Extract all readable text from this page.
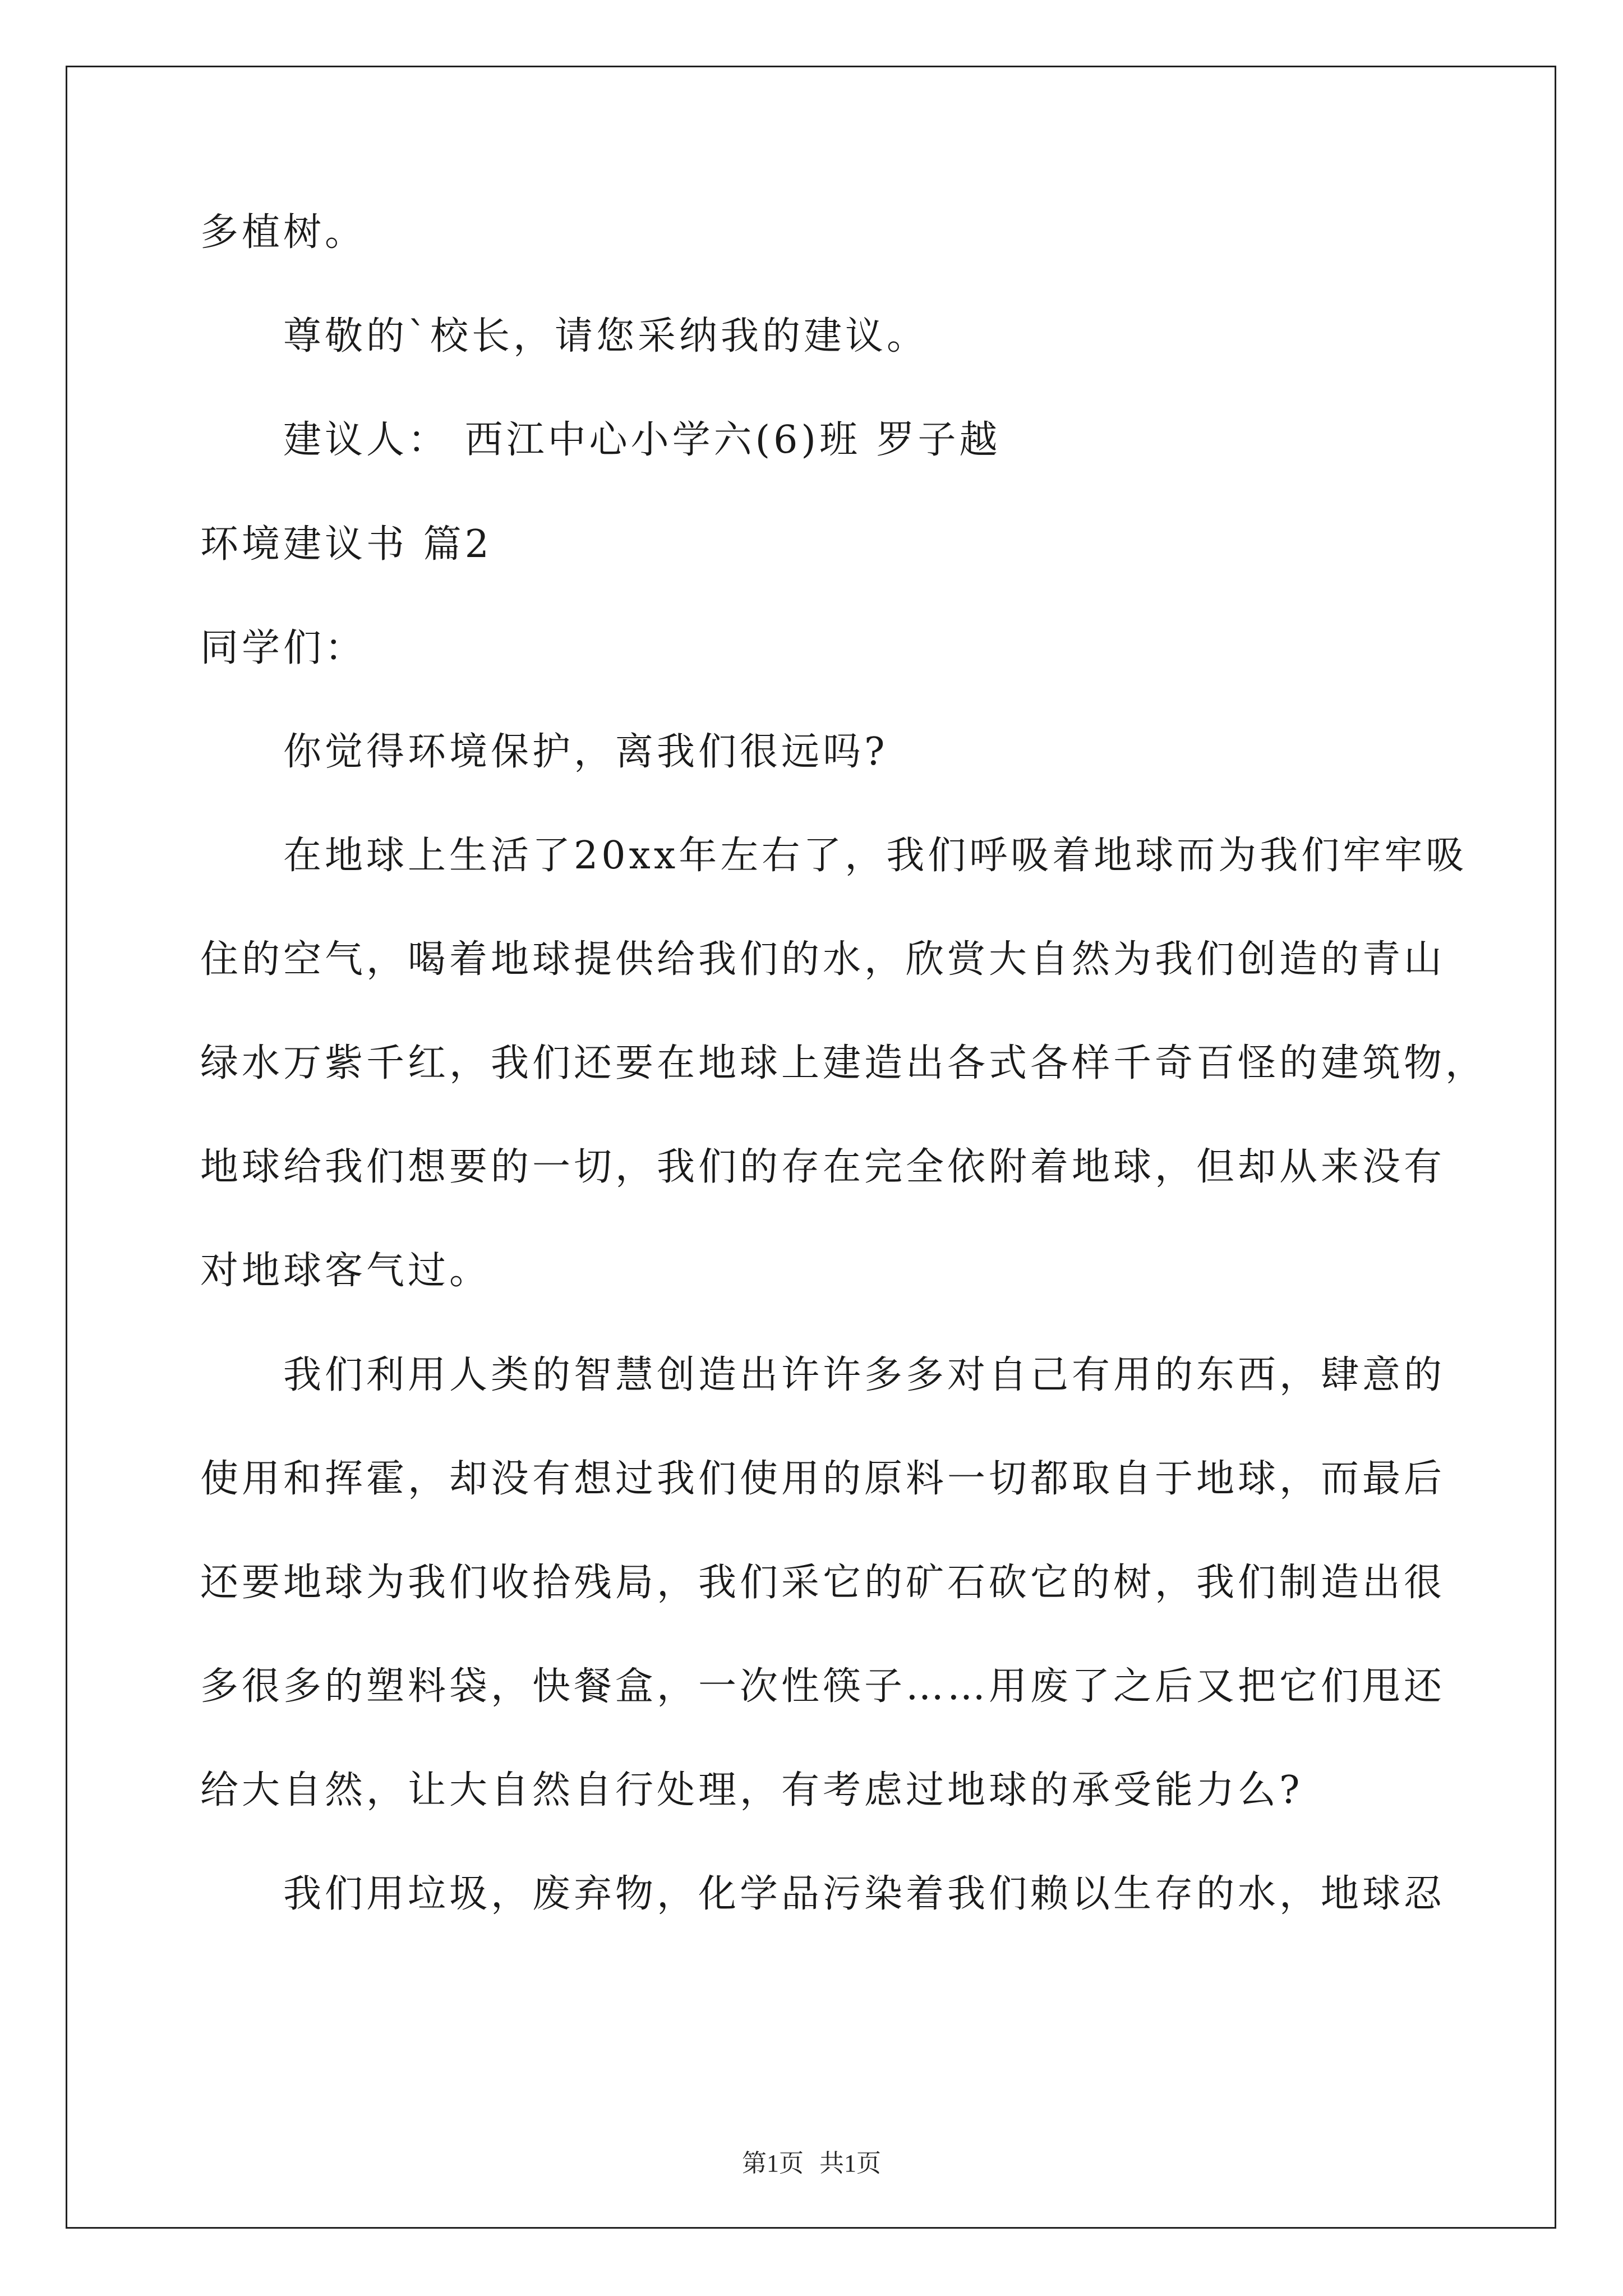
多植树。
尊敬的`校长，请您采纳我的建议。
建议人： 西江中心小学六(6)班 罗子越
环境建议书 篇2
同学们：
你觉得环境保护，离我们很远吗?
在地球上生活了20xx年左右了，我们呼吸着地球而为我们牢牢吸
住的空气，喝着地球提供给我们的水，欣赏大自然为我们创造的青山
绿水万紫千红，我们还要在地球上建造出各式各样千奇百怪的建筑物，
地球给我们想要的一切，我们的存在完全依附着地球，但却从来没有
对地球客气过。
我们利用人类的智慧创造出许许多多对自己有用的东西，肆意的
使用和挥霍，却没有想过我们使用的原料一切都取自于地球，而最后
还要地球为我们收拾残局，我们采它的矿石砍它的树，我们制造出很
多很多的塑料袋，快餐盒，一次性筷子……用废了之后又把它们甩还
给大自然，让大自然自行处理，有考虑过地球的承受能力么?
我们用垃圾，废弃物，化学品污染着我们赖以生存的水，地球忍
第1页 共1页
